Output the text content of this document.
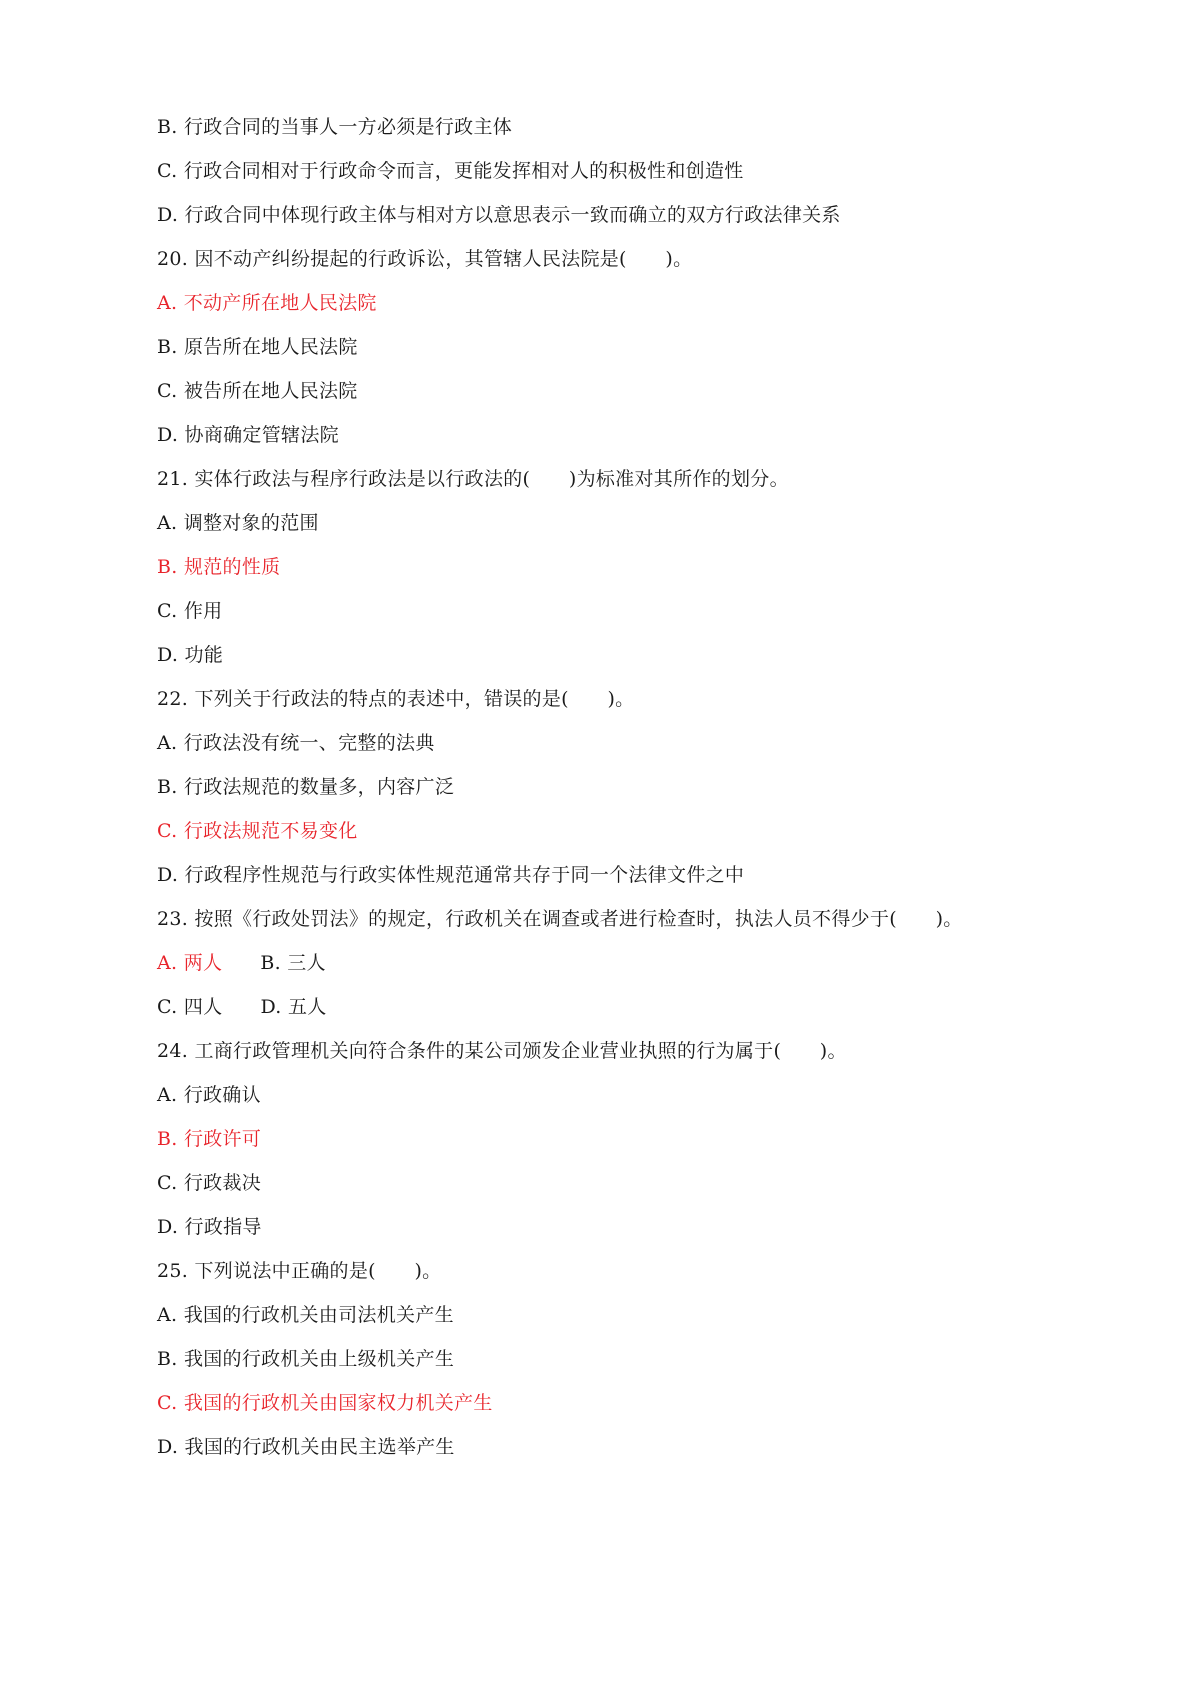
B. 行政合同的当事人一方必须是行政主体
C. 行政合同相对于行政命令而言，更能发挥相对人的积极性和创造性
D. 行政合同中体现行政主体与相对方以意思表示一致而确立的双方行政法律关系
20. 因不动产纠纷提起的行政诉讼，其管辖人民法院是(　　)。
A. 不动产所在地人民法院
B. 原告所在地人民法院
C. 被告所在地人民法院
D. 协商确定管辖法院
21. 实体行政法与程序行政法是以行政法的(　　)为标准对其所作的划分。
A. 调整对象的范围
B. 规范的性质
C. 作用
D. 功能
22. 下列关于行政法的特点的表述中，错误的是(　　)。
A. 行政法没有统一、完整的法典
B. 行政法规范的数量多，内容广泛
C. 行政法规范不易变化
D. 行政程序性规范与行政实体性规范通常共存于同一个法律文件之中
23. 按照《行政处罚法》的规定，行政机关在调查或者进行检查时，执法人员不得少于(　　)。
A. 两人 B. 三人
C. 四人 D. 五人
24. 工商行政管理机关向符合条件的某公司颁发企业营业执照的行为属于(　　)。
A. 行政确认
B. 行政许可
C. 行政裁决
D. 行政指导
25. 下列说法中正确的是(　　)。
A. 我国的行政机关由司法机关产生
B. 我国的行政机关由上级机关产生
C. 我国的行政机关由国家权力机关产生
D. 我国的行政机关由民主选举产生
